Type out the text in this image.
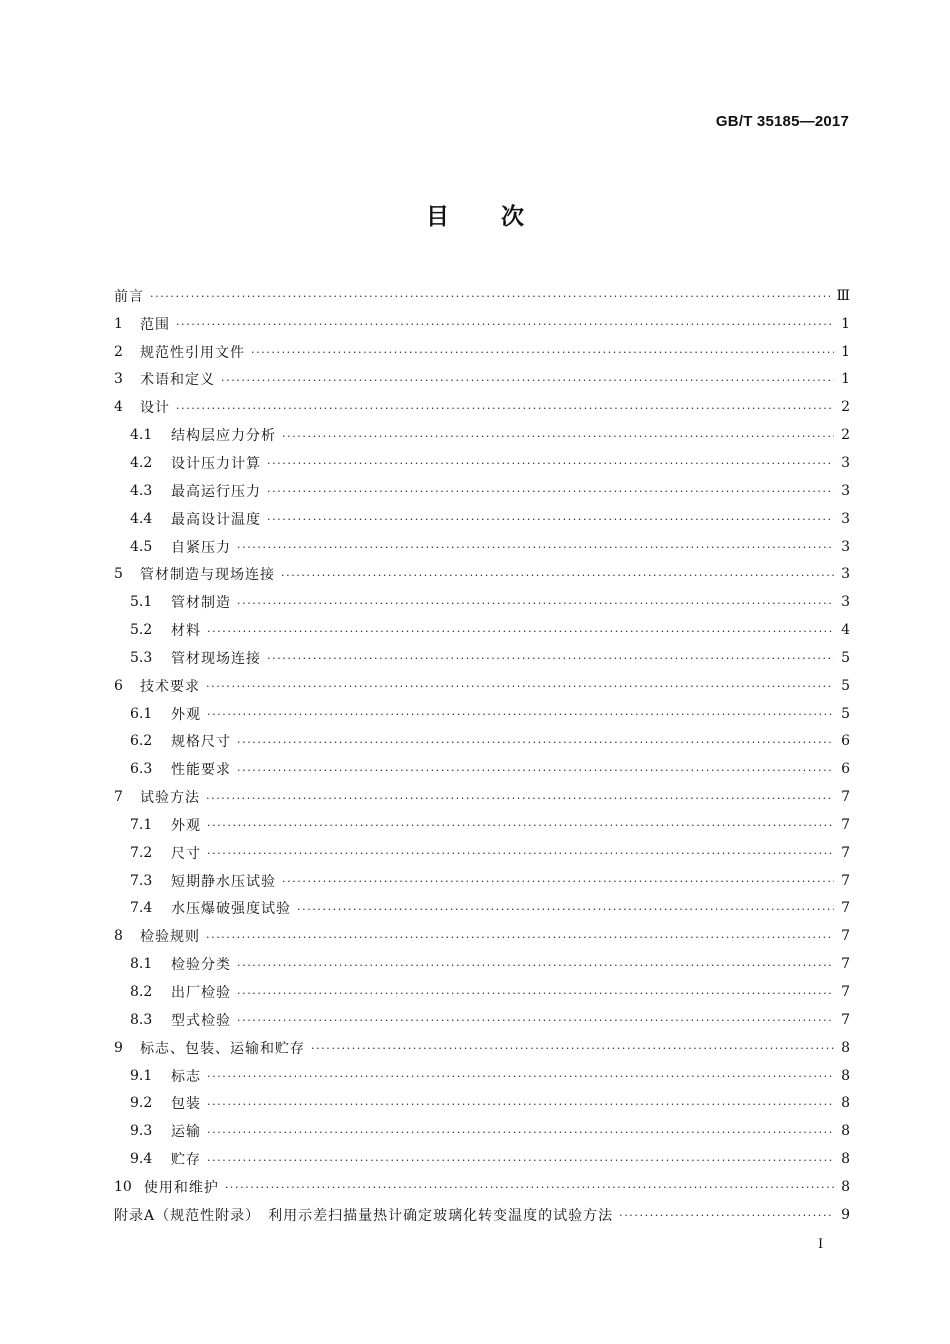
GB/T 35185—2017
目 次
前言 ·····	Ⅲ
1	范围 ·····	1
2	规范性引用文件 ·····	1
3	术语和定义 ·····	1
4	设计 ·····	2
4.1	结构层应力分析 ·····	2
4.2	设计压力计算 ·····	3
4.3	最高运行压力 ·····	3
4.4	最高设计温度 ·····	3
4.5	自紧压力 ·····	3
5	管材制造与现场连接 ·····	3
5.1	管材制造 ·····	3
5.2	材料 ·····	4
5.3	管材现场连接 ·····	5
6	技术要求 ·····	5
6.1	外观 ·····	5
6.2	规格尺寸 ·····	6
6.3	性能要求 ·····	6
7	试验方法 ·····	7
7.1	外观 ·····	7
7.2	尺寸 ·····	7
7.3	短期静水压试验 ·····	7
7.4	水压爆破强度试验 ·····	7
8	检验规则 ·····	7
8.1	检验分类 ·····	7
8.2	出厂检验 ·····	7
8.3	型式检验 ·····	7
9	标志、包装、运输和贮存 ·····	8
9.1	标志 ·····	8
9.2	包装 ·····	8
9.3	运输 ·····	8
9.4	贮存 ·····	8
10 使用和维护 ·····	8
附录A（规范性附录）　利用示差扫描量热计确定玻璃化转变温度的试验方法 ·····	9
Ⅰ
